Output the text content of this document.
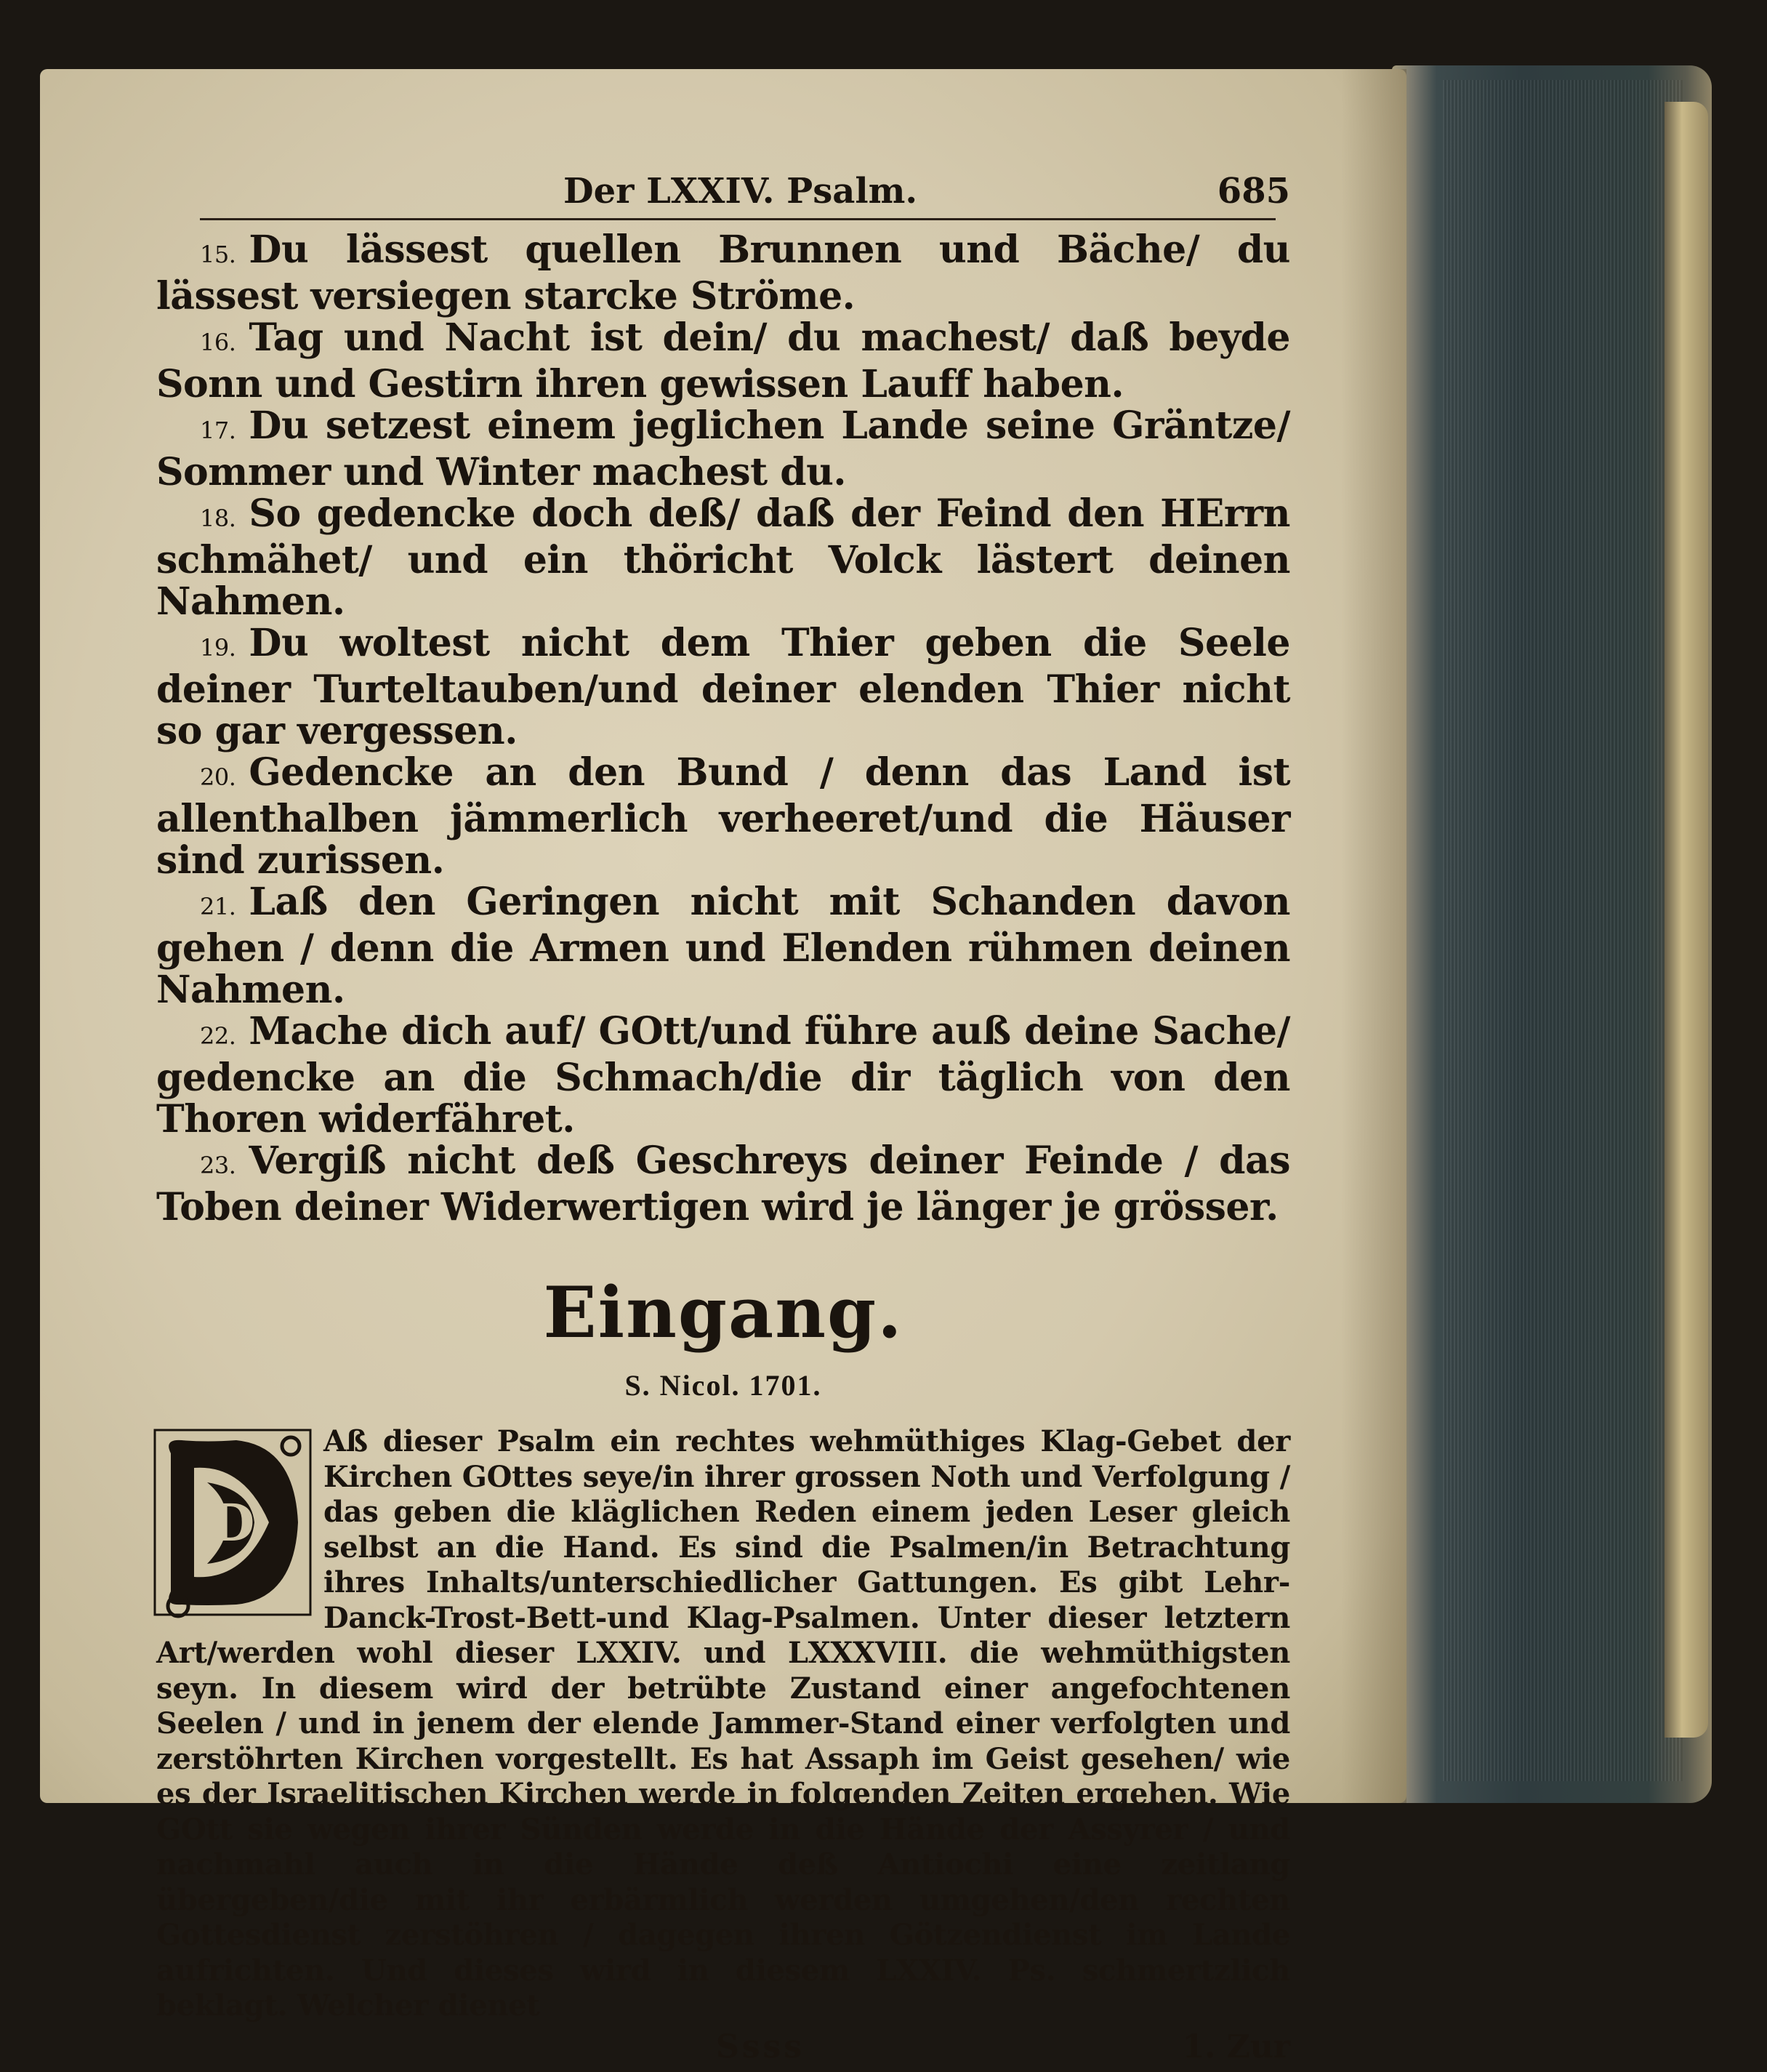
Der LXXIV. Psalm.	685

15. Du lässest quellen Brunnen und Bäche/ du lässest versiegen starcke Ströme.

16. Tag und Nacht ist dein/ du machest/ daß beyde Sonn und Gestirn ihren gewissen Lauff haben.

17. Du setzest einem jeglichen Lande seine Gräntze/ Sommer und Winter machest du.

18. So gedencke doch deß/ daß der Feind den HErrn schmähet/ und ein thöricht Volck lästert deinen Nahmen.

19. Du woltest nicht dem Thier geben die Seele deiner Turteltauben/und deiner elenden Thier nicht so gar vergessen.

20. Gedencke an den Bund / denn das Land ist allenthalben jämmerlich verheeret/und die Häuser sind zurissen.

21. Laß den Geringen nicht mit Schanden davon gehen / denn die Armen und Elenden rühmen deinen Nahmen.

22. Mache dich auf/ GOtt/und führe auß deine Sache/ gedencke an die Schmach/die dir täglich von den Thoren widerfähret.

23. Vergiß nicht deß Geschreys deiner Feinde / das Toben deiner Widerwertigen wird je länger je grösser.

Eingang.
S. Nicol. 1701.
D

Aß dieser Psalm ein rechtes wehmüthiges Klag-Gebet der Kirchen GOttes seye/in ihrer grossen Noth und Verfolgung / das geben die kläglichen Reden einem jeden Leser gleich selbst an die Hand. Es sind die Psalmen/in Betrachtung ihres Inhalts/unterschiedlicher Gattungen. Es gibt Lehr-Danck-Trost-Bett-und Klag-Psalmen. Unter dieser letztern Art/werden wohl dieser LXXIV. und LXXXVIII. die wehmüthigsten seyn. In diesem wird der betrübte Zustand einer angefochtenen Seelen / und in jenem der elende Jammer-Stand einer verfolgten und zerstöhrten Kirchen vorgestellt. Es hat Assaph im Geist gesehen/ wie es der Israelitischen Kirchen werde in folgenden Zeiten ergehen. Wie GOtt sie wegen ihrer Sünden werde in die Hände der Assyrer / und nachmahl auch in die Hände deß Antiochi eine zeitlang übergeben/die mit ihr erbärmlich werden umgehen/den rechten Gottesdienst zerstöhren / dagegen ihren Götzendienst im Lande aufrichten. Und dieses wird in diesem LXXIV. Ps. schmertzlich beklagt. Welcher dienet

Ssss	1. Zur
